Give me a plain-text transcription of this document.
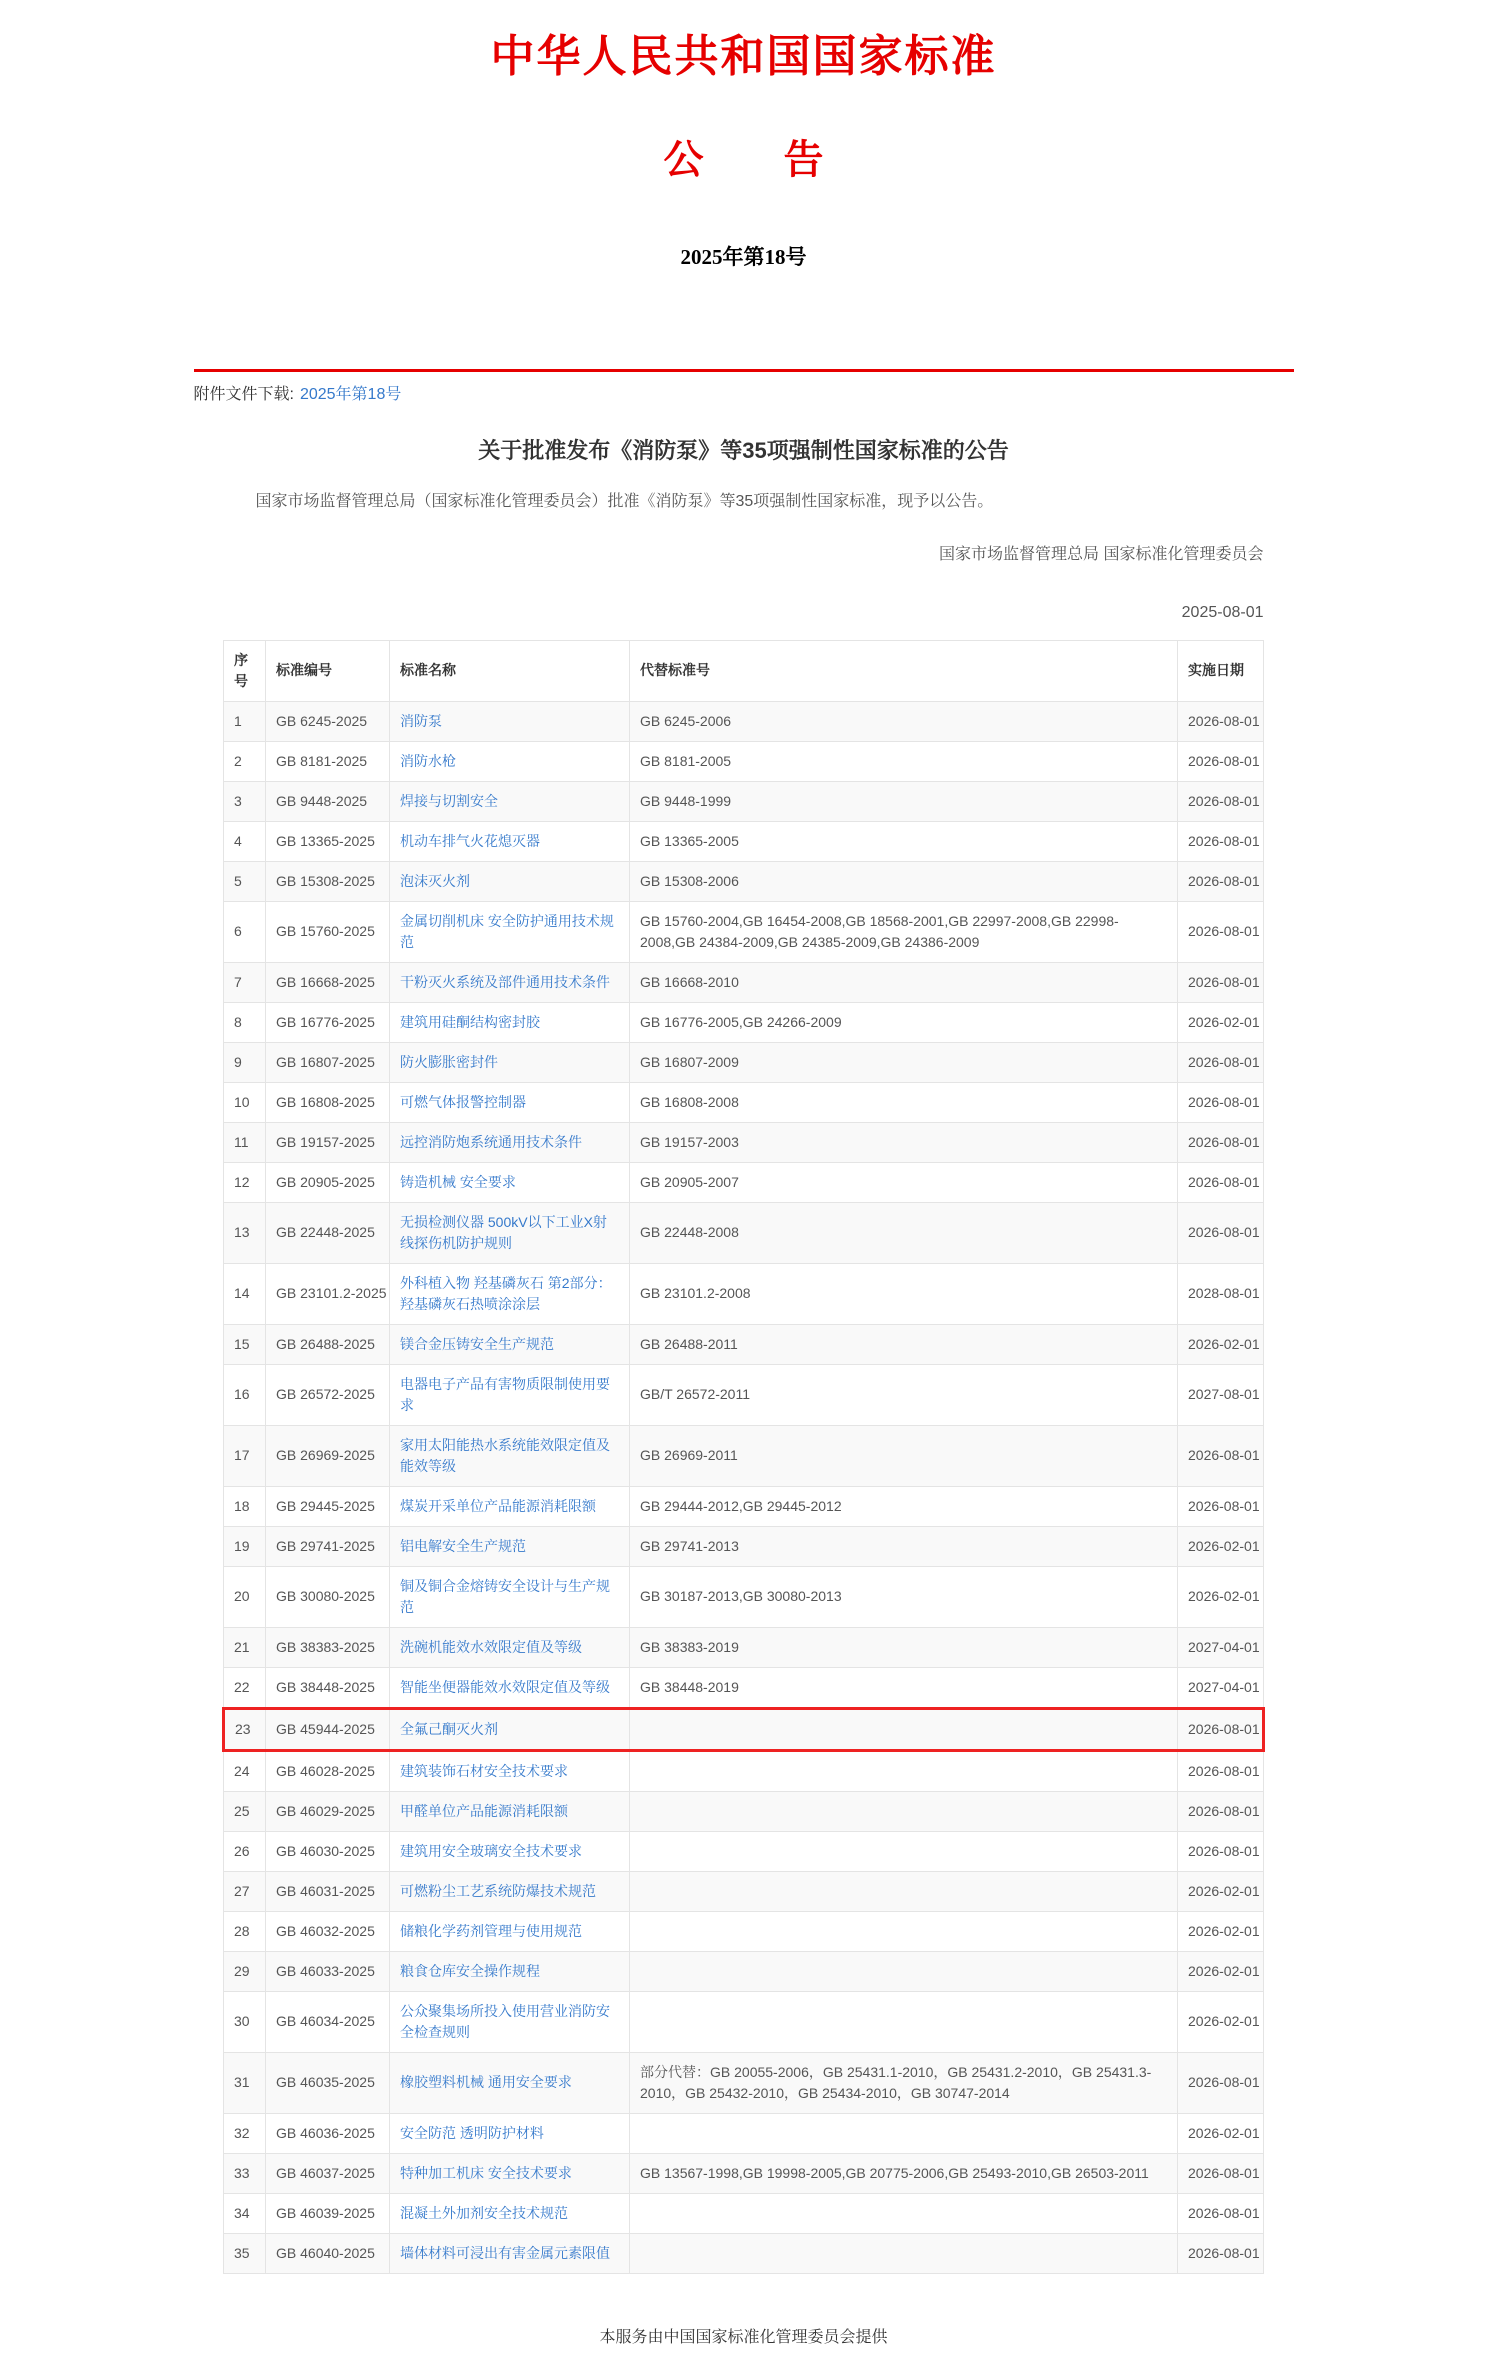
中华人民共和国国家标准
公　　告
2025年第18号
附件文件下载: 2025年第18号
关于批准发布《消防泵》等35项强制性国家标准的公告
国家市场监督管理总局（国家标准化管理委员会）批准《消防泵》等35项强制性国家标准，现予以公告。
国家市场监督管理总局 国家标准化管理委员会
2025-08-01
序号	标准编号	标准名称	代替标准号	实施日期
1	GB 6245-2025	消防泵	GB 6245-2006	2026-08-01
2	GB 8181-2025	消防水枪	GB 8181-2005	2026-08-01
3	GB 9448-2025	焊接与切割安全	GB 9448-1999	2026-08-01
4	GB 13365-2025	机动车排气火花熄灭器	GB 13365-2005	2026-08-01
5	GB 15308-2025	泡沫灭火剂	GB 15308-2006	2026-08-01
6	GB 15760-2025	金属切削机床 安全防护通用技术规范	GB 15760-2004,GB 16454-2008,GB 18568-2001,GB 22997-2008,GB 22998-2008,GB 24384-2009,GB 24385-2009,GB 24386-2009	2026-08-01
7	GB 16668-2025	干粉灭火系统及部件通用技术条件	GB 16668-2010	2026-08-01
8	GB 16776-2025	建筑用硅酮结构密封胶	GB 16776-2005,GB 24266-2009	2026-02-01
9	GB 16807-2025	防火膨胀密封件	GB 16807-2009	2026-08-01
10	GB 16808-2025	可燃气体报警控制器	GB 16808-2008	2026-08-01
11	GB 19157-2025	远控消防炮系统通用技术条件	GB 19157-2003	2026-08-01
12	GB 20905-2025	铸造机械 安全要求	GB 20905-2007	2026-08-01
13	GB 22448-2025	无损检测仪器 500kV以下工业X射线探伤机防护规则	GB 22448-2008	2026-08-01
14	GB 23101.2-2025	外科植入物 羟基磷灰石 第2部分：羟基磷灰石热喷涂涂层	GB 23101.2-2008	2028-08-01
15	GB 26488-2025	镁合金压铸安全生产规范	GB 26488-2011	2026-02-01
16	GB 26572-2025	电器电子产品有害物质限制使用要求	GB/T 26572-2011	2027-08-01
17	GB 26969-2025	家用太阳能热水系统能效限定值及能效等级	GB 26969-2011	2026-08-01
18	GB 29445-2025	煤炭开采单位产品能源消耗限额	GB 29444-2012,GB 29445-2012	2026-08-01
19	GB 29741-2025	铝电解安全生产规范	GB 29741-2013	2026-02-01
20	GB 30080-2025	铜及铜合金熔铸安全设计与生产规范	GB 30187-2013,GB 30080-2013	2026-02-01
21	GB 38383-2025	洗碗机能效水效限定值及等级	GB 38383-2019	2027-04-01
22	GB 38448-2025	智能坐便器能效水效限定值及等级	GB 38448-2019	2027-04-01
23	GB 45944-2025	全氟己酮灭火剂		2026-08-01
24	GB 46028-2025	建筑装饰石材安全技术要求		2026-08-01
25	GB 46029-2025	甲醛单位产品能源消耗限额		2026-08-01
26	GB 46030-2025	建筑用安全玻璃安全技术要求		2026-08-01
27	GB 46031-2025	可燃粉尘工艺系统防爆技术规范		2026-02-01
28	GB 46032-2025	储粮化学药剂管理与使用规范		2026-02-01
29	GB 46033-2025	粮食仓库安全操作规程		2026-02-01
30	GB 46034-2025	公众聚集场所投入使用营业消防安全检查规则		2026-02-01
31	GB 46035-2025	橡胶塑料机械 通用安全要求	部分代替：GB 20055-2006，GB 25431.1-2010，GB 25431.2-2010，GB 25431.3-2010，GB 25432-2010，GB 25434-2010，GB 30747-2014	2026-08-01
32	GB 46036-2025	安全防范 透明防护材料		2026-02-01
33	GB 46037-2025	特种加工机床 安全技术要求	GB 13567-1998,GB 19998-2005,GB 20775-2006,GB 25493-2010,GB 26503-2011	2026-08-01
34	GB 46039-2025	混凝土外加剂安全技术规范		2026-08-01
35	GB 46040-2025	墙体材料可浸出有害金属元素限值		2026-08-01
本服务由中国国家标准化管理委员会提供
